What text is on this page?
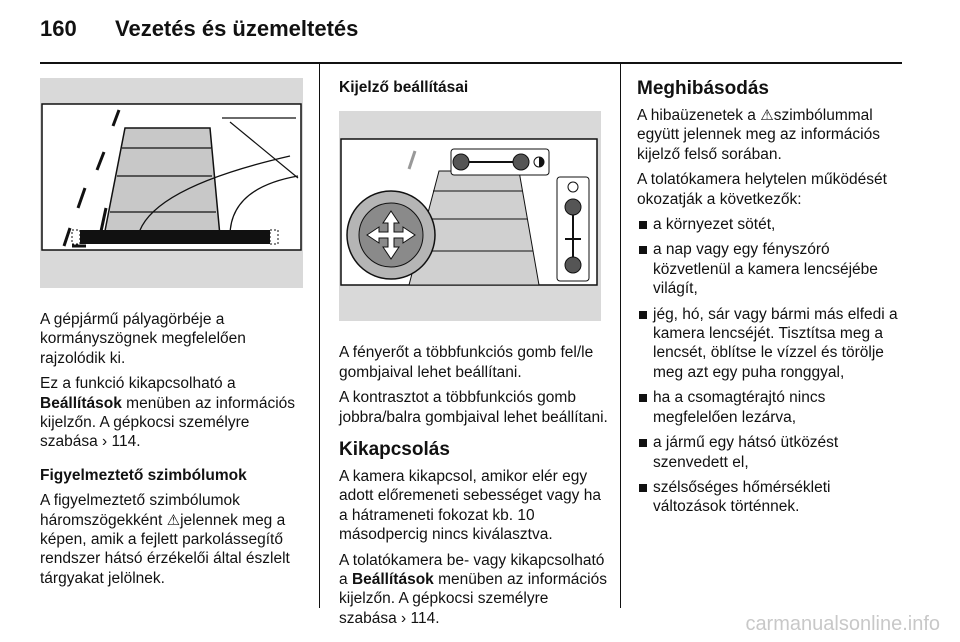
160 Vezetés és üzemeltetés

A gépjármű pályagörbéje a kormányszögnek megfelelően rajzolódik ki.

Ez a funkció kikapcsolható a Beállítások menüben az információs kijelzőn. A gépkocsi személyre szabása › 114.

Figyelmeztető szimbólumok

A figyelmeztető szimbólumok háromszögekként ⚠jelennek meg a képen, amik a fejlett parkolássegítő rendszer hátsó érzékelői által észlelt tárgyakat jelölnek.

Kijelző beállításai

A fényerőt a többfunkciós gomb fel/le gombjaival lehet beállítani.

A kontrasztot a többfunkciós gomb jobbra/balra gombjaival lehet beállítani.

Kikapcsolás

A kamera kikapcsol, amikor elér egy adott előremeneti sebességet vagy ha a hátrameneti fokozat kb. 10 másodpercig nincs kiválasztva.

A tolatókamera be- vagy kikapcsolható a Beállítások menüben az információs kijelzőn. A gépkocsi személyre szabása › 114.

Meghibásodás

A hibaüzenetek a ⚠szimbólummal együtt jelennek meg az információs kijelző felső sorában.

A tolatókamera helytelen működését okozatják a következők:

a környezet sötét,
a nap vagy egy fényszóró közvetlenül a kamera lencséjébe világít,
jég, hó, sár vagy bármi más elfedi a kamera lencséjét. Tisztítsa meg a lencsét, öblítse le vízzel és törölje meg azt egy puha ronggyal,
ha a csomagtérajtó nincs megfelelően lezárva,
a jármű egy hátsó ütközést szenvedett el,
szélsőséges hőmérsékleti változások történnek.
carmanualsonline.info
